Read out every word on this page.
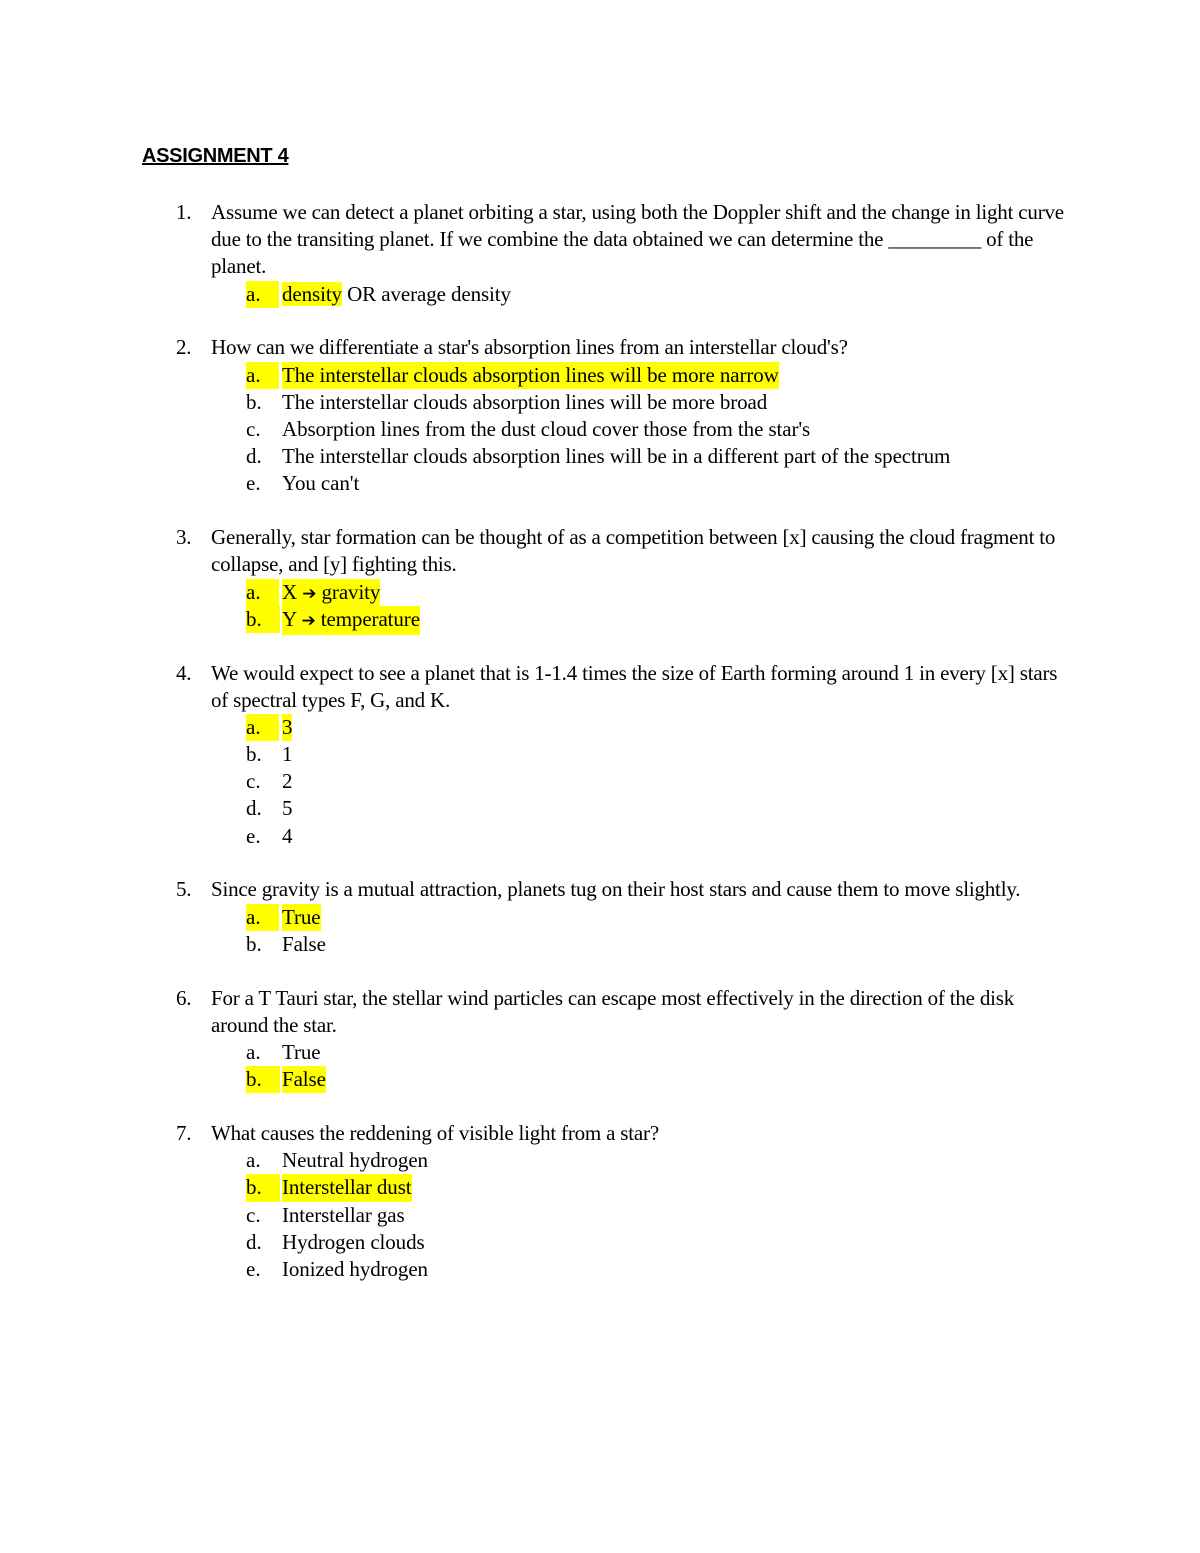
ASSIGNMENT 4
1. Assume we can detect a planet orbiting a star, using both the Doppler shift and the change in light curve due to the transiting planet. If we combine the data obtained we can determine the _________ of the planet.
a.	density OR average density
2. How can we differentiate a star's absorption lines from an interstellar cloud's?
a.	The interstellar clouds absorption lines will be more narrow
b. The interstellar clouds absorption lines will be more broad
c. Absorption lines from the dust cloud cover those from the star's
d. The interstellar clouds absorption lines will be in a different part of the spectrum
e. You can't
3. Generally, star formation can be thought of as a competition between [x] causing the cloud fragment to collapse, and [y] fighting this.
a.	X ➔ gravity
b. Y ➔ temperature
4. We would expect to see a planet that is 1-1.4 times the size of Earth forming around 1 in every [x] stars of spectral types F, G, and K.
a.	3
b. 1
c. 2
d. 5
e. 4
5. Since gravity is a mutual attraction, planets tug on their host stars and cause them to move slightly.
a.	True
b. False
6. For a T Tauri star, the stellar wind particles can escape most effectively in the direction of the disk around the star.
a. True
b. False
7. What causes the reddening of visible light from a star?
a. Neutral hydrogen
b. Interstellar dust
c. Interstellar gas
d. Hydrogen clouds
e. Ionized hydrogen
